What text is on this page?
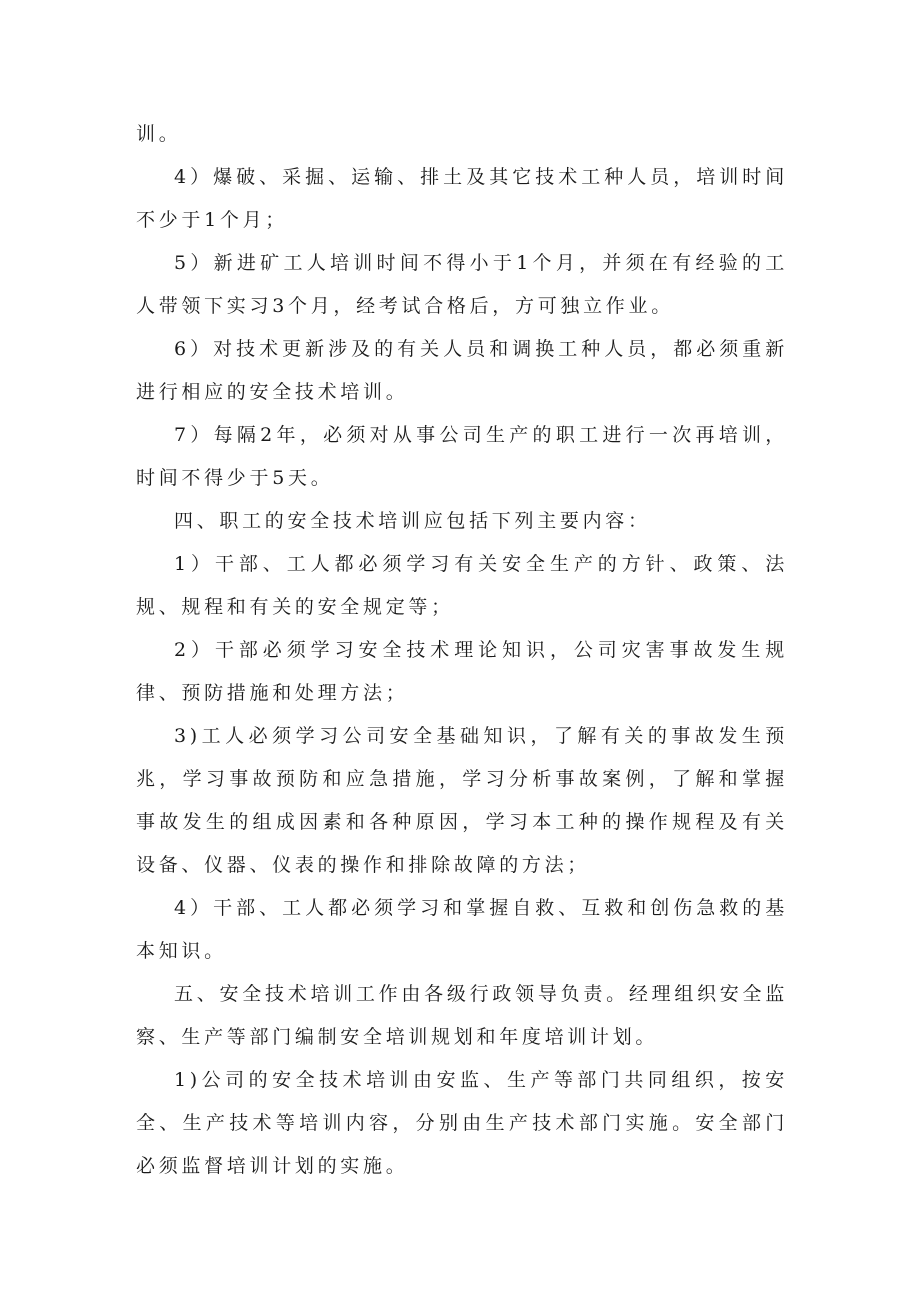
训。

4）爆破、采掘、运输、排土及其它技术工种人员，培训时间不少于1个月；

5）新进矿工人培训时间不得小于1个月，并须在有经验的工人带领下实习3个月，经考试合格后，方可独立作业。

6）对技术更新涉及的有关人员和调换工种人员，都必须重新进行相应的安全技术培训。

7）每隔2年，必须对从事公司生产的职工进行一次再培训，时间不得少于5天。

四、职工的安全技术培训应包括下列主要内容：

1）干部、工人都必须学习有关安全生产的方针、政策、法规、规程和有关的安全规定等；

2）干部必须学习安全技术理论知识，公司灾害事故发生规律、预防措施和处理方法；

3)工人必须学习公司安全基础知识，了解有关的事故发生预兆，学习事故预防和应急措施，学习分析事故案例，了解和掌握事故发生的组成因素和各种原因，学习本工种的操作规程及有关设备、仪器、仪表的操作和排除故障的方法；

4）干部、工人都必须学习和掌握自救、互救和创伤急救的基本知识。

五、安全技术培训工作由各级行政领导负责。经理组织安全监察、生产等部门编制安全培训规划和年度培训计划。

1)公司的安全技术培训由安监、生产等部门共同组织，按安全、生产技术等培训内容，分别由生产技术部门实施。安全部门必须监督培训计划的实施。
